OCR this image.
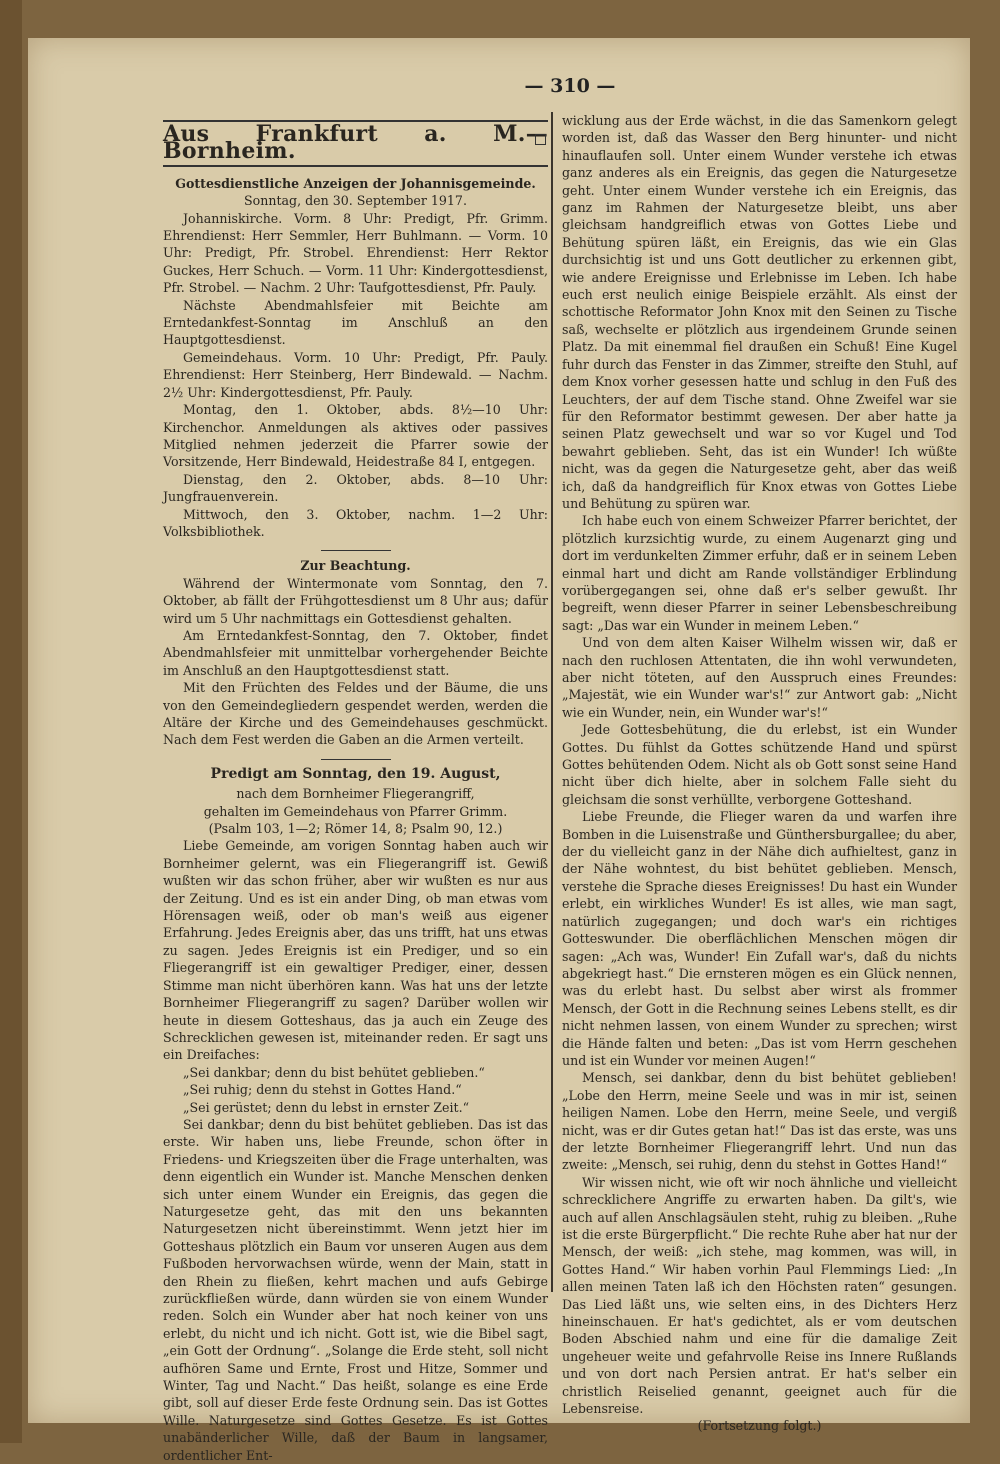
— 310 —
Aus Frankfurt a. M.—Bornheim.

Gottesdienstliche Anzeigen der Johannisgemeinde.

Sonntag, den 30. September 1917.

Johanniskirche. Vorm. 8 Uhr: Predigt, Pfr. Grimm. Ehrendienst: Herr Semmler, Herr Buhlmann. — Vorm. 10 Uhr: Predigt, Pfr. Strobel. Ehrendienst: Herr Rektor Guckes, Herr Schuch. — Vorm. 11 Uhr: Kindergottesdienst, Pfr. Strobel. — Nachm. 2 Uhr: Taufgottesdienst, Pfr. Pauly.

Nächste Abendmahlsfeier mit Beichte am Erntedankfest-Sonntag im Anschluß an den Hauptgottesdienst.

Gemeindehaus. Vorm. 10 Uhr: Predigt, Pfr. Pauly. Ehrendienst: Herr Steinberg, Herr Bindewald. — Nachm. 2½ Uhr: Kindergottesdienst, Pfr. Pauly.

Montag, den 1. Oktober, abds. 8½—10 Uhr: Kirchenchor. Anmeldungen als aktives oder passives Mitglied nehmen jederzeit die Pfarrer sowie der Vorsitzende, Herr Bindewald, Heidestraße 84 I, entgegen.

Dienstag, den 2. Oktober, abds. 8—10 Uhr: Jungfrauenverein.

Mittwoch, den 3. Oktober, nachm. 1—2 Uhr: Volksbibliothek.

Zur Beachtung.

Während der Wintermonate vom Sonntag, den 7. Oktober, ab fällt der Frühgottesdienst um 8 Uhr aus; dafür wird um 5 Uhr nachmittags ein Gottesdienst gehalten.

Am Erntedankfest-Sonntag, den 7. Oktober, findet Abendmahlsfeier mit unmittelbar vorhergehender Beichte im Anschluß an den Hauptgottesdienst statt.

Mit den Früchten des Feldes und der Bäume, die uns von den Gemeindegliedern gespendet werden, werden die Altäre der Kirche und des Gemeindehauses geschmückt. Nach dem Fest werden die Gaben an die Armen verteilt.

Predigt am Sonntag, den 19. August,

nach dem Bornheimer Fliegerangriff,

gehalten im Gemeindehaus von Pfarrer Grimm.

(Psalm 103, 1—2; Römer 14, 8; Psalm 90, 12.)

Liebe Gemeinde, am vorigen Sonntag haben auch wir Bornheimer gelernt, was ein Fliegerangriff ist. Gewiß wußten wir das schon früher, aber wir wußten es nur aus der Zeitung. Und es ist ein ander Ding, ob man etwas vom Hörensagen weiß, oder ob man's weiß aus eigener Erfahrung. Jedes Ereignis aber, das uns trifft, hat uns etwas zu sagen. Jedes Ereignis ist ein Prediger, und so ein Fliegerangriff ist ein gewaltiger Prediger, einer, dessen Stimme man nicht überhören kann. Was hat uns der letzte Bornheimer Fliegerangriff zu sagen? Darüber wollen wir heute in diesem Gotteshaus, das ja auch ein Zeuge des Schrecklichen gewesen ist, miteinander reden. Er sagt uns ein Dreifaches:

„Sei dankbar; denn du bist behütet geblieben.“

„Sei ruhig; denn du stehst in Gottes Hand.“

„Sei gerüstet; denn du lebst in ernster Zeit.“

Sei dankbar; denn du bist behütet geblieben. Das ist das erste. Wir haben uns, liebe Freunde, schon öfter in Friedens- und Kriegszeiten über die Frage unterhalten, was denn eigentlich ein Wunder ist. Manche Menschen denken sich unter einem Wunder ein Ereignis, das gegen die Naturgesetze geht, das mit den uns bekannten Naturgesetzen nicht übereinstimmt. Wenn jetzt hier im Gotteshaus plötzlich ein Baum vor unseren Augen aus dem Fußboden hervorwachsen würde, wenn der Main, statt in den Rhein zu fließen, kehrt machen und aufs Gebirge zurückfließen würde, dann würden sie von einem Wunder reden. Solch ein Wunder aber hat noch keiner von uns erlebt, du nicht und ich nicht. Gott ist, wie die Bibel sagt, „ein Gott der Ordnung“. „Solange die Erde steht, soll nicht aufhören Same und Ernte, Frost und Hitze, Sommer und Winter, Tag und Nacht.“ Das heißt, solange es eine Erde gibt, soll auf dieser Erde feste Ordnung sein. Das ist Gottes Wille. Naturgesetze sind Gottes Gesetze. Es ist Gottes unabänderlicher Wille, daß der Baum in langsamer, ordentlicher Ent-

wicklung aus der Erde wächst, in die das Samenkorn gelegt worden ist, daß das Wasser den Berg hinunter- und nicht hinauflaufen soll. Unter einem Wunder verstehe ich etwas ganz anderes als ein Ereignis, das gegen die Naturgesetze geht. Unter einem Wunder verstehe ich ein Ereignis, das ganz im Rahmen der Naturgesetze bleibt, uns aber gleichsam handgreiflich etwas von Gottes Liebe und Behütung spüren läßt, ein Ereignis, das wie ein Glas durchsichtig ist und uns Gott deutlicher zu erkennen gibt, wie andere Ereignisse und Erlebnisse im Leben. Ich habe euch erst neulich einige Beispiele erzählt. Als einst der schottische Reformator John Knox mit den Seinen zu Tische saß, wechselte er plötzlich aus irgendeinem Grunde seinen Platz. Da mit einemmal fiel draußen ein Schuß! Eine Kugel fuhr durch das Fenster in das Zimmer, streifte den Stuhl, auf dem Knox vorher gesessen hatte und schlug in den Fuß des Leuchters, der auf dem Tische stand. Ohne Zweifel war sie für den Reformator bestimmt gewesen. Der aber hatte ja seinen Platz gewechselt und war so vor Kugel und Tod bewahrt geblieben. Seht, das ist ein Wunder! Ich wüßte nicht, was da gegen die Naturgesetze geht, aber das weiß ich, daß da handgreiflich für Knox etwas von Gottes Liebe und Behütung zu spüren war.

Ich habe euch von einem Schweizer Pfarrer berichtet, der plötzlich kurzsichtig wurde, zu einem Augenarzt ging und dort im verdunkelten Zimmer erfuhr, daß er in seinem Leben einmal hart und dicht am Rande vollständiger Erblindung vorübergegangen sei, ohne daß er's selber gewußt. Ihr begreift, wenn dieser Pfarrer in seiner Lebensbeschreibung sagt: „Das war ein Wunder in meinem Leben.“

Und von dem alten Kaiser Wilhelm wissen wir, daß er nach den ruchlosen Attentaten, die ihn wohl verwundeten, aber nicht töteten, auf den Ausspruch eines Freundes: „Majestät, wie ein Wunder war's!“ zur Antwort gab: „Nicht wie ein Wunder, nein, ein Wunder war's!“

Jede Gottesbehütung, die du erlebst, ist ein Wunder Gottes. Du fühlst da Gottes schützende Hand und spürst Gottes behütenden Odem. Nicht als ob Gott sonst seine Hand nicht über dich hielte, aber in solchem Falle sieht du gleichsam die sonst verhüllte, verborgene Gotteshand.

Liebe Freunde, die Flieger waren da und warfen ihre Bomben in die Luisenstraße und Günthersburgallee; du aber, der du vielleicht ganz in der Nähe dich aufhieltest, ganz in der Nähe wohntest, du bist behütet geblieben. Mensch, verstehe die Sprache dieses Ereignisses! Du hast ein Wunder erlebt, ein wirkliches Wunder! Es ist alles, wie man sagt, natürlich zugegangen; und doch war's ein richtiges Gotteswunder. Die oberflächlichen Menschen mögen dir sagen: „Ach was, Wunder! Ein Zufall war's, daß du nichts abgekriegt hast.“ Die ernsteren mögen es ein Glück nennen, was du erlebt hast. Du selbst aber wirst als frommer Mensch, der Gott in die Rechnung seines Lebens stellt, es dir nicht nehmen lassen, von einem Wunder zu sprechen; wirst die Hände falten und beten: „Das ist vom Herrn geschehen und ist ein Wunder vor meinen Augen!“

Mensch, sei dankbar, denn du bist behütet geblieben! „Lobe den Herrn, meine Seele und was in mir ist, seinen heiligen Namen. Lobe den Herrn, meine Seele, und vergiß nicht, was er dir Gutes getan hat!“ Das ist das erste, was uns der letzte Bornheimer Fliegerangriff lehrt. Und nun das zweite: „Mensch, sei ruhig, denn du stehst in Gottes Hand!“

Wir wissen nicht, wie oft wir noch ähnliche und vielleicht schrecklichere Angriffe zu erwarten haben. Da gilt's, wie auch auf allen Anschlagsäulen steht, ruhig zu bleiben. „Ruhe ist die erste Bürgerpflicht.“ Die rechte Ruhe aber hat nur der Mensch, der weiß: „ich stehe, mag kommen, was will, in Gottes Hand.“ Wir haben vorhin Paul Flemmings Lied: „In allen meinen Taten laß ich den Höchsten raten“ gesungen. Das Lied läßt uns, wie selten eins, in des Dichters Herz hineinschauen. Er hat's gedichtet, als er vom deutschen Boden Abschied nahm und eine für die damalige Zeit ungeheuer weite und gefahrvolle Reise ins Innere Rußlands und von dort nach Persien antrat. Er hat's selber ein christlich Reiselied genannt, geeignet auch für die Lebensreise.

(Fortsetzung folgt.)
